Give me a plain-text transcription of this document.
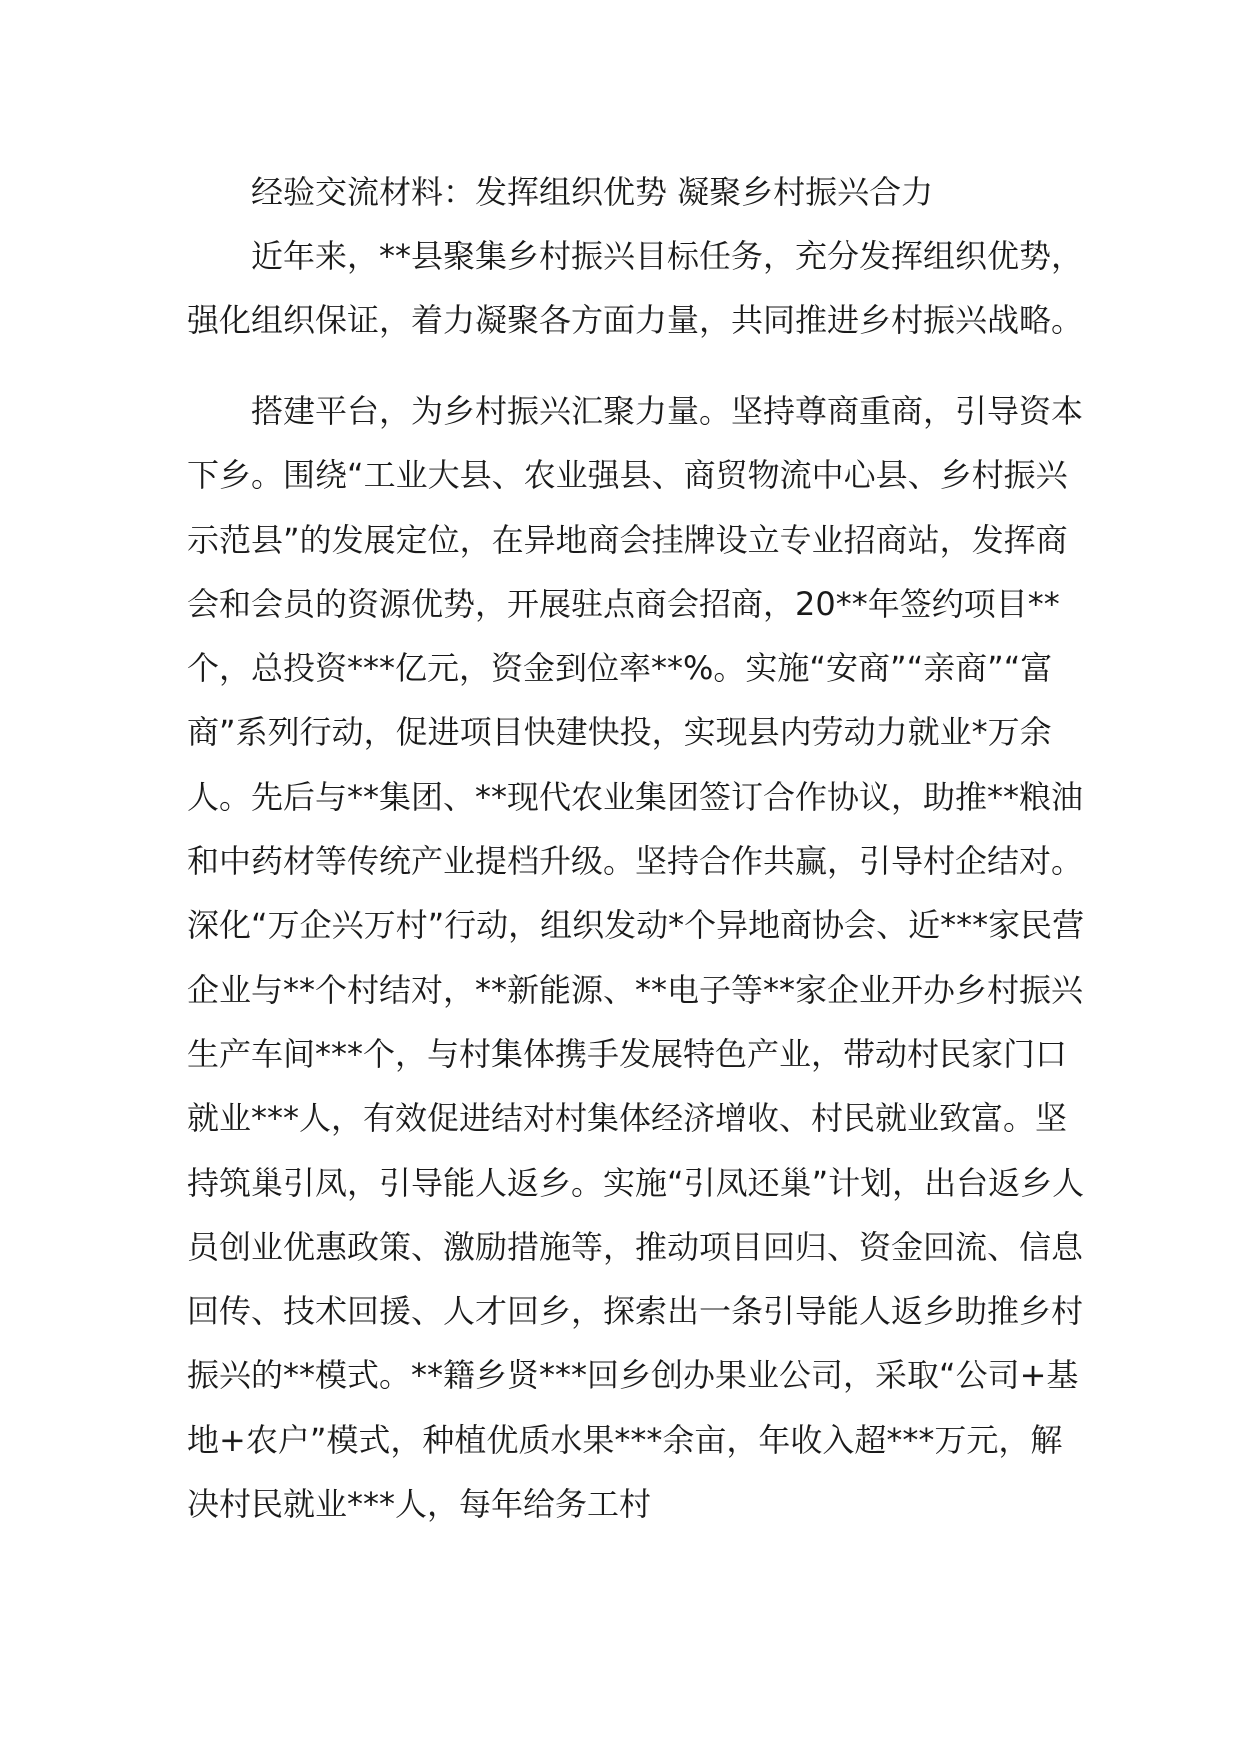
经验交流材料：发挥组织优势 凝聚乡村振兴合力

近年来，**县聚集乡村振兴目标任务，充分发挥组织优势，强化组织保证，着力凝聚各方面力量，共同推进乡村振兴战略。

搭建平台，为乡村振兴汇聚力量。坚持尊商重商，引导资本下乡。围绕“工业大县、农业强县、商贸物流中心县、乡村振兴示范县”的发展定位，在异地商会挂牌设立专业招商站，发挥商会和会员的资源优势，开展驻点商会招商，20**年签约项目**个，总投资***亿元，资金到位率**%。实施“安商”“亲商”“富商”系列行动，促进项目快建快投，实现县内劳动力就业*万余人。先后与**集团、**现代农业集团签订合作协议，助推**粮油和中药材等传统产业提档升级。坚持合作共赢，引导村企结对。深化“万企兴万村”行动，组织发动*个异地商协会、近***家民营企业与**个村结对，**新能源、**电子等**家企业开办乡村振兴生产车间***个，与村集体携手发展特色产业，带动村民家门口就业***人，有效促进结对村集体经济增收、村民就业致富。坚持筑巢引凤，引导能人返乡。实施“引凤还巢”计划，出台返乡人员创业优惠政策、激励措施等，推动项目回归、资金回流、信息回传、技术回援、人才回乡，探索出一条引导能人返乡助推乡村振兴的**模式。**籍乡贤***回乡创办果业公司，采取“公司+基地+农户”模式，种植优质水果***余亩，年收入超***万元，解决村民就业***人，每年给务工村
